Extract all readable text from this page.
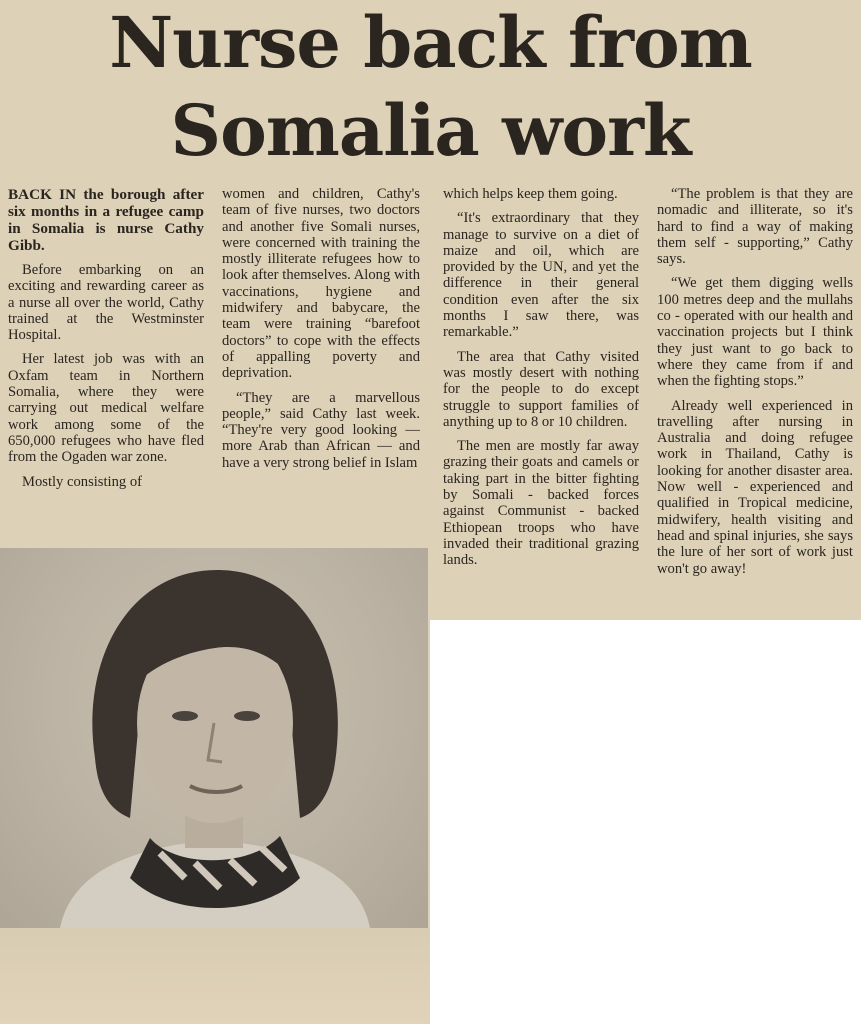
Nurse back from
Somalia work

BACK IN the borough after six months in a refugee camp in Somalia is nurse Cathy Gibb.

Before embarking on an exciting and rewarding career as a nurse all over the world, Cathy trained at the Westminster Hospital.

Her latest job was with an Oxfam team in Northern Somalia, where they were carrying out medical welfare work among some of the 650,000 refugees who have fled from the Ogaden war zone.

Mostly consisting of

women and children, Cathy's team of five nurses, two doctors and another five Somali nurses, were concerned with training the mostly illiterate refugees how to look after themselves. Along with vaccinations, hygiene and midwifery and babycare, the team were training “barefoot doctors” to cope with the effects of appalling poverty and deprivation.

“They are a marvellous people,” said Cathy last week. “They're very good looking — more Arab than African — and have a very strong belief in Islam

which helps keep them going.

“It's extraordinary that they manage to survive on a diet of maize and oil, which are provided by the UN, and yet the difference in their general condition even after the six months I saw there, was remarkable.”

The area that Cathy visited was mostly desert with nothing for the people to do except struggle to support families of anything up to 8 or 10 children.

The men are mostly far away grazing their goats and camels or taking part in the bitter fighting by Somali - backed forces against Communist - backed Ethiopean troops who have invaded their traditional grazing lands.

“The problem is that they are nomadic and illiterate, so it's hard to find a way of making them self - supporting,” Cathy says.

“We get them digging wells 100 metres deep and the mullahs co - operated with our health and vaccination projects but I think they just want to go back to where they came from if and when the fighting stops.”

Already well experienced in travelling after nursing in Australia and doing refugee work in Thailand, Cathy is looking for another disaster area. Now well - experienced and qualified in Tropical medicine, midwifery, health visiting and head and spinal injuries, she says the lure of her sort of work just won't go away!
